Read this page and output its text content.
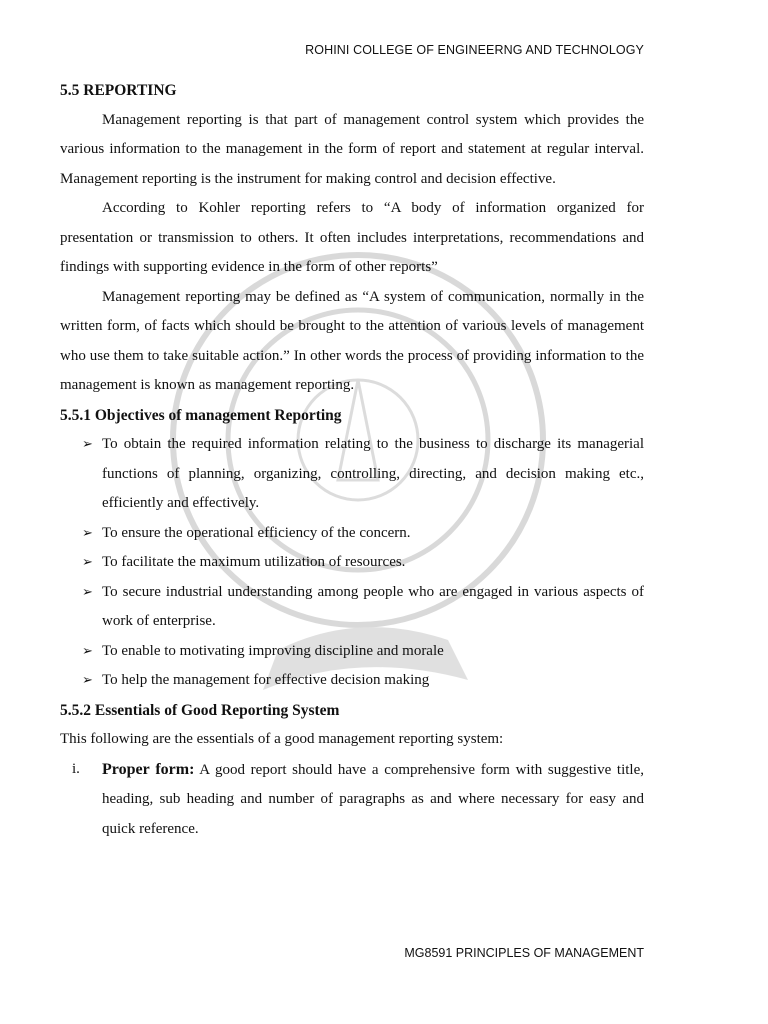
ROHINI COLLEGE OF ENGINEERNG AND TECHNOLOGY
5.5 REPORTING

Management reporting is that part of management control system which provides the various information to the management in the form of report and statement at regular interval. Management reporting is the instrument for making control and decision effective.

According to Kohler reporting refers to “A body of information organized for presentation or transmission to others. It often includes interpretations, recommendations and findings with supporting evidence in the form of other reports”

Management reporting may be defined as “A system of communication, normally in the written form, of facts which should be brought to the attention of various levels of management who use them to take suitable action.” In other words the process of providing information to the management is known as management reporting.

5.5.1 Objectives of management Reporting
➢ To obtain the required information relating to the business to discharge its managerial functions of planning, organizing, controlling, directing, and decision making etc., efficiently and effectively.
➢ To ensure the operational efficiency of the concern.
➢ To facilitate the maximum utilization of resources.
➢ To secure industrial understanding among people who are engaged in various aspects of work of enterprise.
➢ To enable to motivating improving discipline and morale
➢ To help the management for effective decision making
5.5.2 Essentials of Good Reporting System

This following are the essentials of a good management reporting system:

i. Proper form: A good report should have a comprehensive form with suggestive title, heading, sub heading and number of paragraphs as and where necessary for easy and quick reference.
MG8591 PRINCIPLES OF MANAGEMENT
